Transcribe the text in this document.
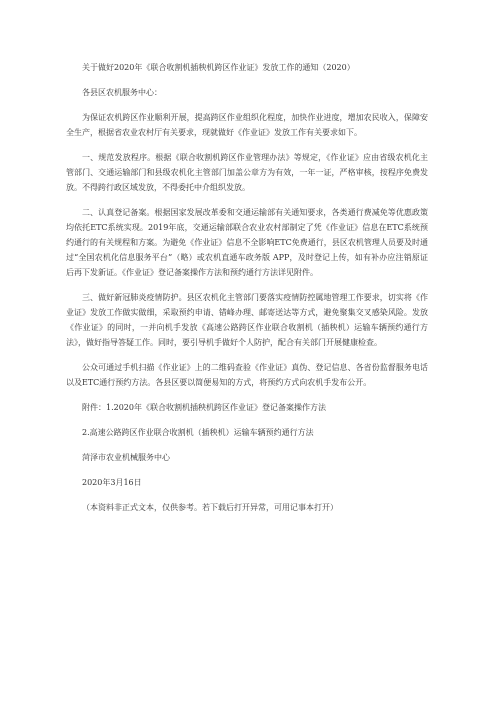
关于做好2020年《联合收割机插秧机跨区作业证》发放工作的通知（2020）

各县区农机服务中心：

为保证农机跨区作业顺利开展，提高跨区作业组织化程度，加快作业进度，增加农民收入，保障安全生产，根据省农业农村厅有关要求，现就做好《作业证》发放工作有关要求如下。

一、规范发放程序。根据《联合收割机跨区作业管理办法》等规定，《作业证》应由省级农机化主管部门、交通运输部门和县级农机化主管部门加盖公章方为有效，一年一证，严格审核，按程序免费发放。不得跨行政区域发放，不得委托中介组织发放。

二、认真登记备案。根据国家发展改革委和交通运输部有关通知要求，各类通行费减免等优惠政策均依托ETC系统实现。2019年底，交通运输部联合农业农村部制定了凭《作业证》信息在ETC系统预约通行的有关规程和方案。为避免《作业证》信息不全影响ETC免费通行，县区农机管理人员要及时通过“全国农机化信息服务平台”（略）或农机直通车政务版 APP，及时登记上传，如有补办应注销原证后再下发新证。《作业证》登记备案操作方法和预约通行方法详见附件。

三、做好新冠肺炎疫情防护。县区农机化主管部门要落实疫情防控属地管理工作要求，切实将《作业证》发放工作做实做细，采取预约申请、错峰办理、邮寄送达等方式，避免聚集交叉感染风险。发放《作业证》的同时，一并向机手发放《高速公路跨区作业联合收割机（插秧机）运输车辆预约通行方法》，做好指导答疑工作。同时，要引导机手做好个人防护，配合有关部门开展健康检查。

公众可通过手机扫描《作业证》上的二维码查验《作业证》真伪、登记信息、各省份监督服务电话以及ETC通行预约方法。各县区要以简便易知的方式，将预约方式向农机手发布公开。

附件：1.2020年《联合收割机插秧机跨区作业证》登记备案操作方法

2.高速公路跨区作业联合收割机（插秧机）运输车辆预约通行方法

菏泽市农业机械服务中心

2020年3月16日

（本资料非正式文本，仅供参考。若下载后打开异常，可用记事本打开）
